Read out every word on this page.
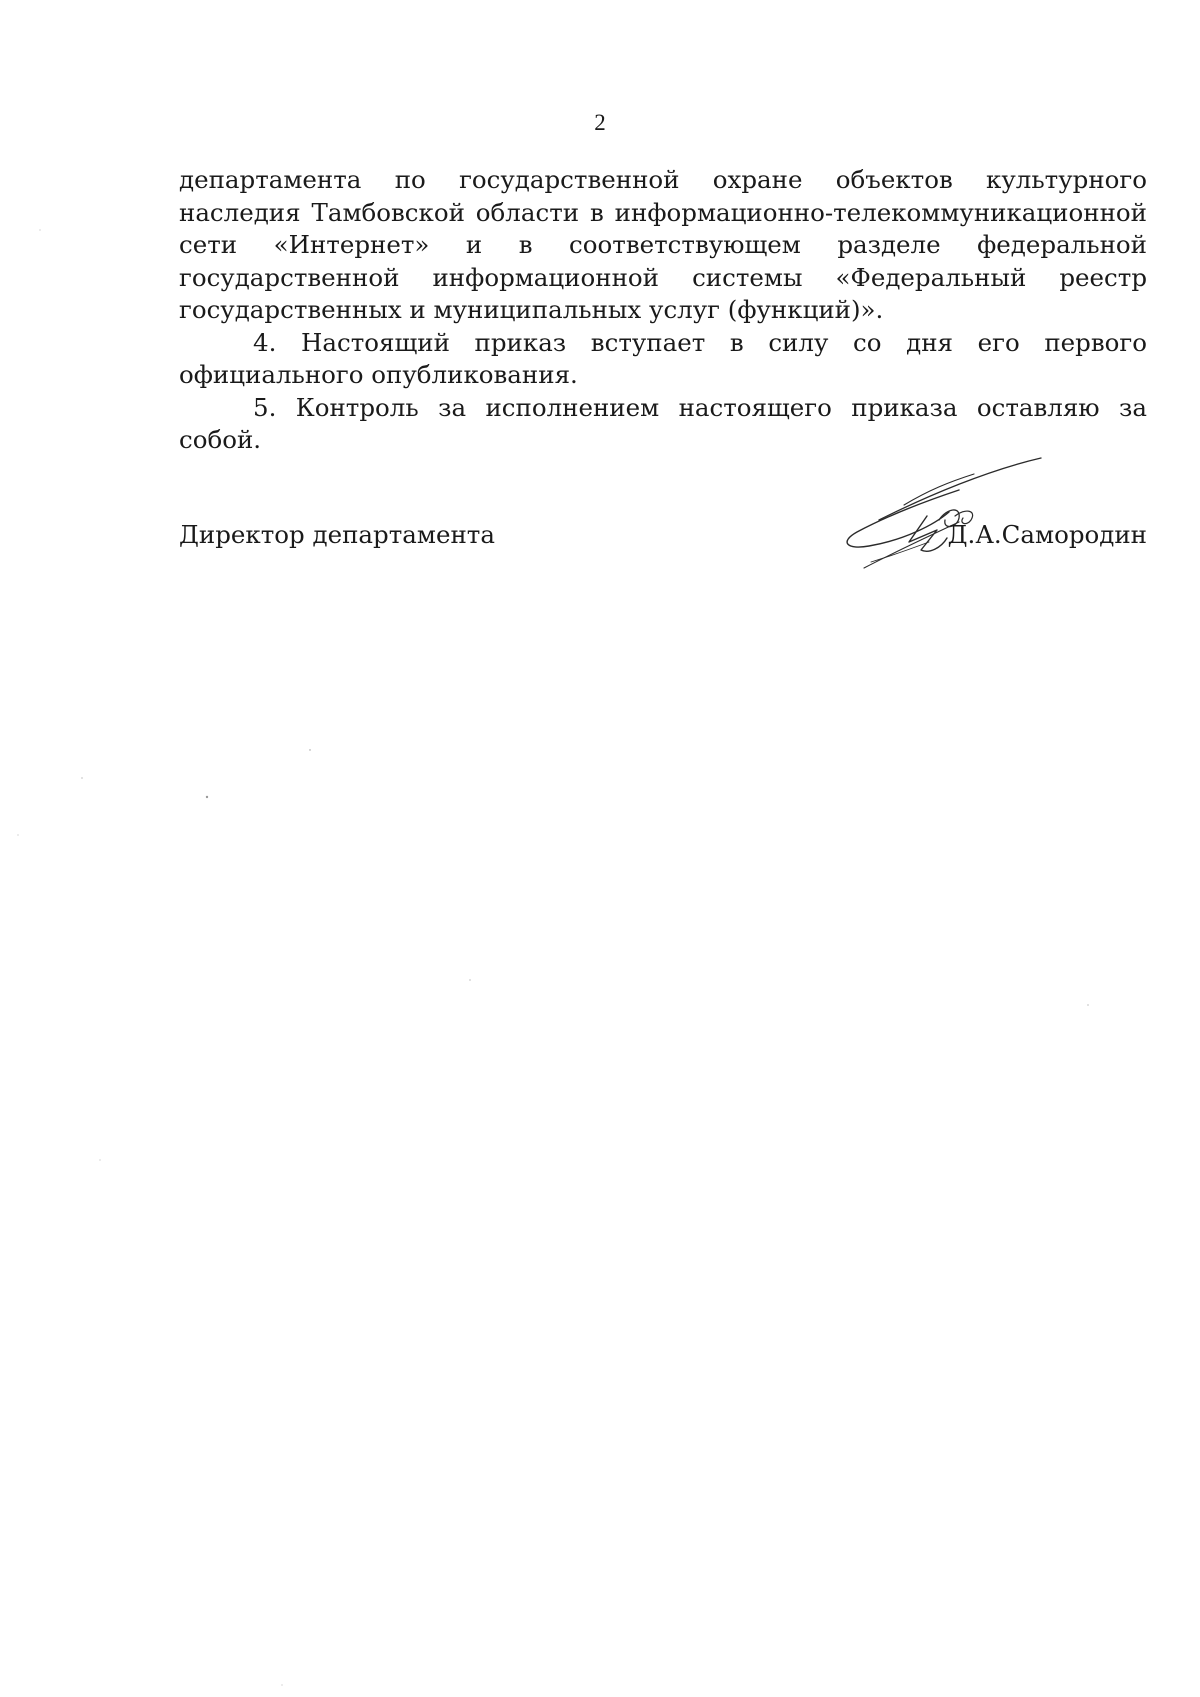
2

департамента по государственной охране объектов культурного наследия Тамбовской области в информационно-телекоммуникационной сети «Интернет» и в соответствующем разделе федеральной государственной информационной системы «Федеральный реестр государственных и муниципальных услуг (функций)».

4. Настоящий приказ вступает в силу со дня его первого официального опубликования.

5. Контроль за исполнением настоящего приказа оставляю за собой.

Директор департамента	Д.А.Самородин
